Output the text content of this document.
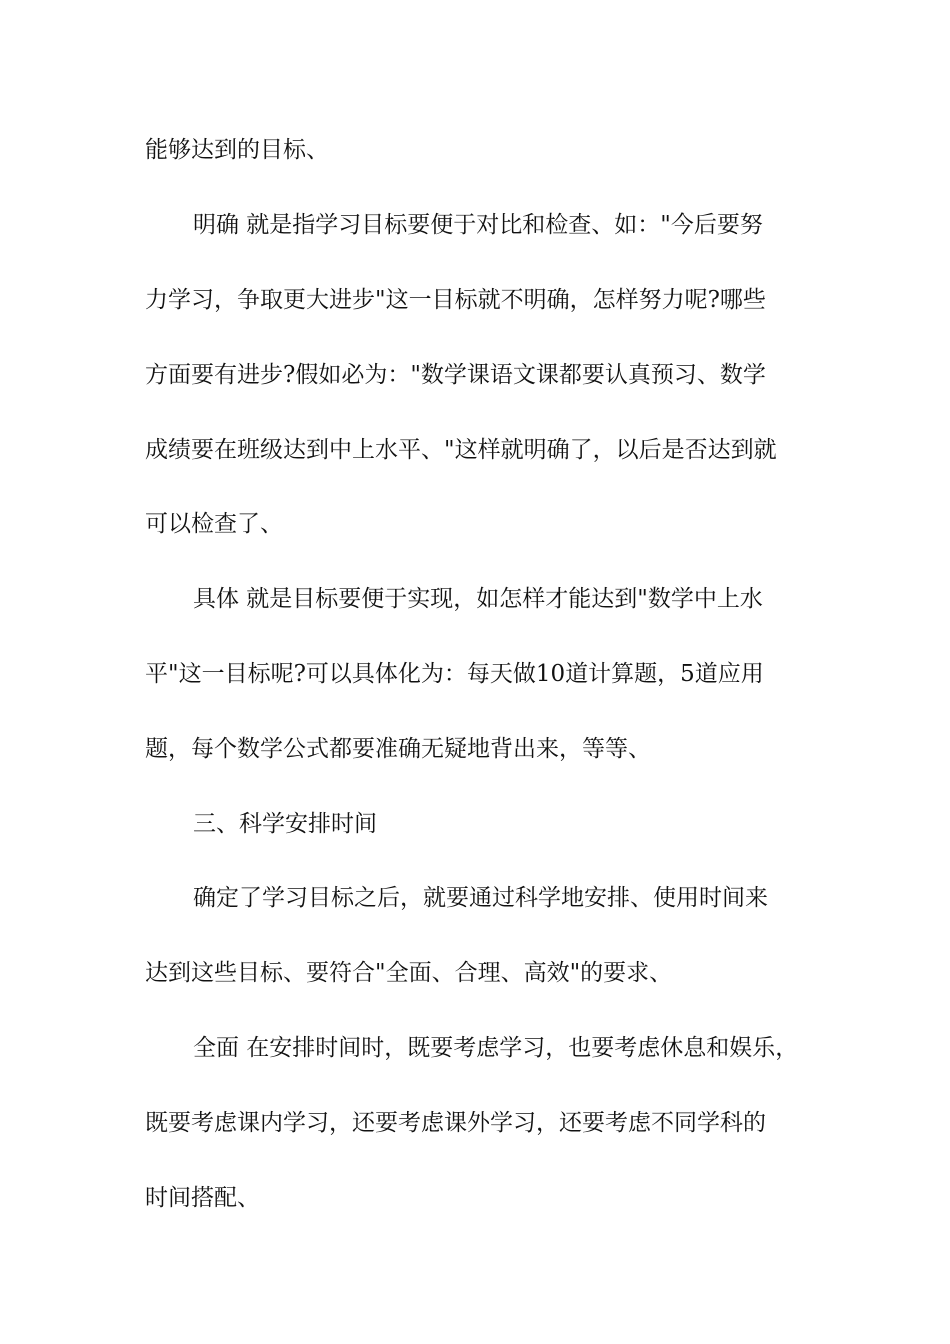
能够达到的目标、

明确 就是指学习目标要便于对比和检查、如："今后要努

力学习，争取更大进步"这一目标就不明确，怎样努力呢?哪些

方面要有进步?假如必为："数学课语文课都要认真预习、数学

成绩要在班级达到中上水平、"这样就明确了，以后是否达到就

可以检查了、

具体 就是目标要便于实现，如怎样才能达到"数学中上水

平"这一目标呢?可以具体化为：每天做10道计算题，5道应用

题，每个数学公式都要准确无疑地背出来，等等、

三、科学安排时间

确定了学习目标之后，就要通过科学地安排、使用时间来

达到这些目标、要符合"全面、合理、高效"的要求、

全面 在安排时间时，既要考虑学习，也要考虑休息和娱乐，

既要考虑课内学习，还要考虑课外学习，还要考虑不同学科的

时间搭配、
